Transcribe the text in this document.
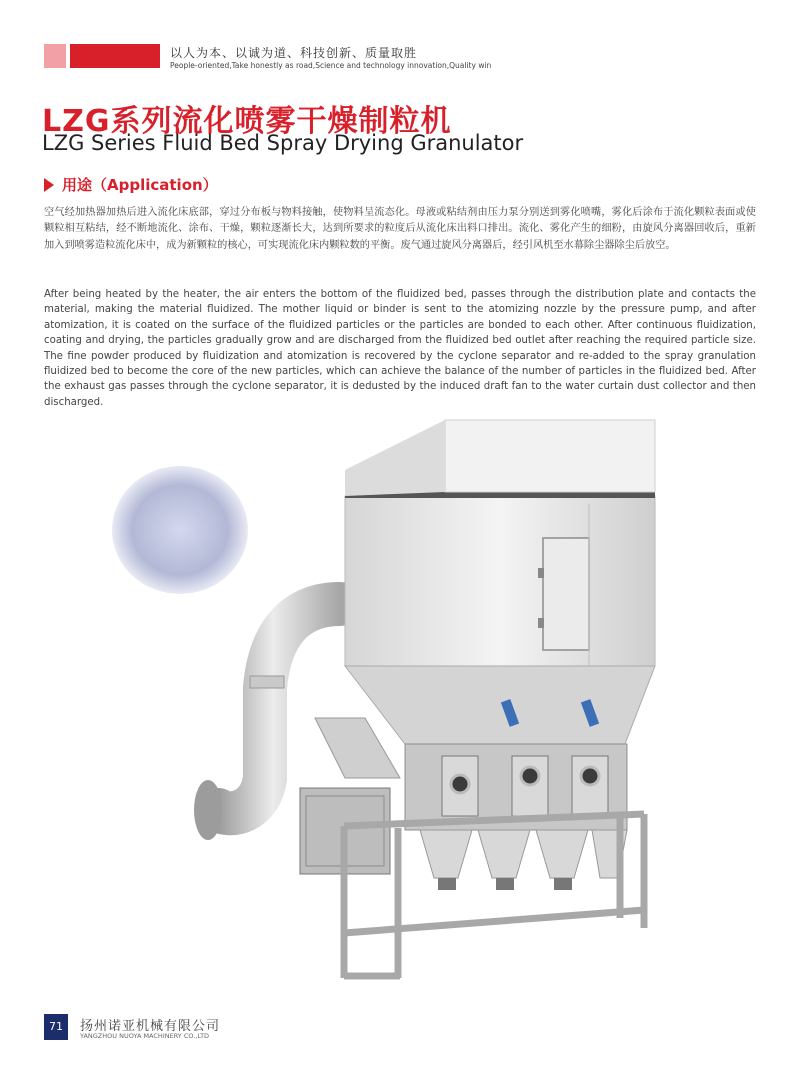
以人为本、以诚为道、科技创新、质量取胜
People-oriented,Take honestly as road,Science and technology innovation,Quality win
LZG系列流化喷雾干燥制粒机
LZG Series Fluid Bed Spray Drying Granulator
用途（Application）

空气经加热器加热后进入流化床底部，穿过分布板与物料接触，使物料呈流态化。母液或粘结剂由压力泵分别送到雾化喷嘴，雾化后涂布于流化颗粒表面或使颗粒相互粘结，经不断地流化、涂布、干燥，颗粒逐渐长大，达到所要求的粒度后从流化床出料口排出。流化、雾化产生的细粉，由旋风分离器回收后，重新加入到喷雾造粒流化床中，成为新颗粒的核心，可实现流化床内颗粒数的平衡。废气通过旋风分离器后，经引风机至水幕除尘器除尘后放空。

After being heated by the heater, the air enters the bottom of the fluidized bed, passes through the distribution plate and contacts the material, making the material fluidized. The mother liquid or binder is sent to the atomizing nozzle by the pressure pump, and after atomization, it is coated on the surface of the fluidized particles or the particles are bonded to each other. After continuous fluidization, coating and drying, the particles gradually grow and are discharged from the fluidized bed outlet after reaching the required particle size. The fine powder produced by fluidization and atomization is recovered by the cyclone separator and re-added to the spray granulation fluidized bed to become the core of the new particles, which can achieve the balance of the number of particles in the fluidized bed. After the exhaust gas passes through the cyclone separator, it is dedusted by the induced draft fan to the water curtain dust collector and then discharged.

71	扬州诺亚机械有限公司
YANGZHOU NUOYA MACHINERY CO.,LTD
